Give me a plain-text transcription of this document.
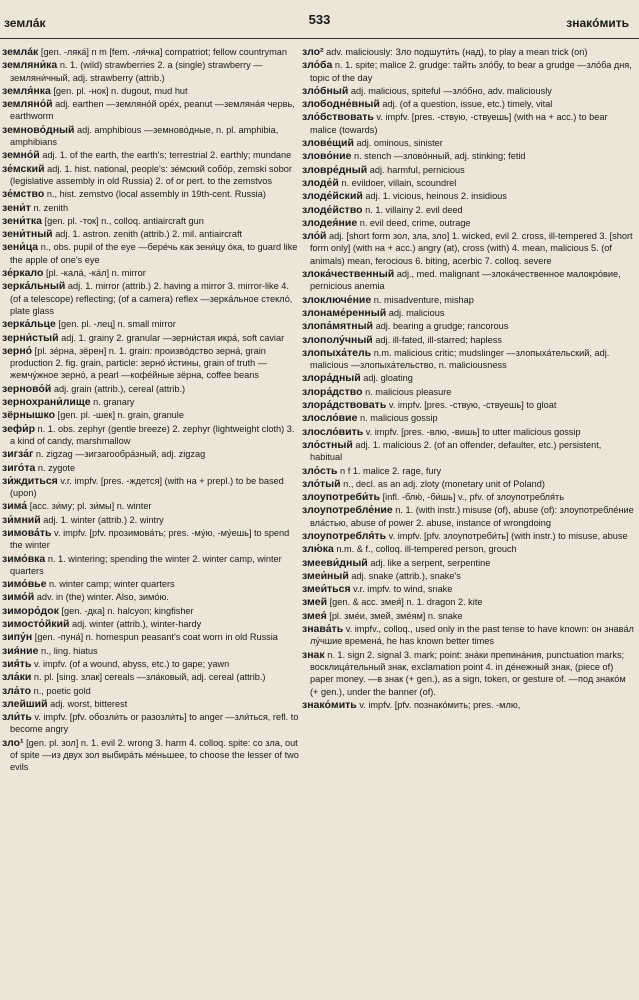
землáк	533	знакóмить

землáк [gen. -лякá] n m [fem. -ля́чка] compatriot; fellow countryman

земляни́ка n. 1. (wild) strawberries 2. a (single) strawberry —земляни́чный, adj. strawberry (attrib.)

земля́нка [gen. pl. -нок] n. dugout, mud hut

земляно́й adj. earthen —земляно́й оре́х, peanut —земляна́я червь, earthworm

земново́дный adj. amphibious —земново́дные, n. pl. amphibia, amphibians

земно́й adj. 1. of the earth, the earth's; terrestrial 2. earthly; mundane

зе́мский adj. 1. hist. national, people's: зе́мский собо́р, zemski sobor (legislative assembly in old Russia) 2. of or pert. to the zemstvos

зе́мство n., hist. zemstvo (local assembly in 19th-cent. Russia)

зени́т n. zenith

зени́тка [gen. pl. -ток] n., colloq. antiaircraft gun

зени́тный adj. 1. astron. zenith (attrib.) 2. mil. antiaircraft

зени́ца n., obs. pupil of the eye —бере́чь как зени́цу о́ка, to guard like the apple of one's eye

зе́ркало [pl. -кала́, -ка́л] n. mirror

зерка́льный adj. 1. mirror (attrib.) 2. having a mirror 3. mirror-like 4. (of a telescope) reflecting; (of a camera) reflex —зерка́льное стекло́, plate glass

зерка́льце [gen. pl. -лец] n. small mirror

зерни́стый adj. 1. grainy 2. granular —зерни́стая икра́, soft caviar

зерно́ [pl. зе́рна, зёрен] n. 1. grain: произво́дство зерна́, grain production 2. fig. grain, particle: зерно́ и́стины, grain of truth —жемчу́жное зерно́, a pearl —кофе́йные зёрна, coffee beans

зерново́й adj. grain (attrib.), cereal (attrib.)

зернохрани́лище n. granary

зёрнышко [gen. pl. -шек] n. grain, granule

зефи́р n. 1. obs. zephyr (gentle breeze) 2. zephyr (lightweight cloth) 3. a kind of candy, marshmallow

зигза́г n. zigzag —зигзагообра́зный, adj. zigzag

зиго́та n. zygote

зи́ждиться v.r. impfv. [pres. -ждется] (with на + prepl.) to be based (upon)

зима́ [acc. зи́му; pl. зи́мы] n. winter

зи́мний adj. 1. winter (attrib.) 2. wintry

зимова́ть v. impfv. [pfv. прозимова́ть; pres. -му́ю, -му́ешь] to spend the winter

зимо́вка n. 1. wintering; spending the winter 2. winter camp, winter quarters

зимо́вье n. winter camp; winter quarters

зимо́й adv. in (the) winter. Also, зимо́ю.

зиморо́док [gen. -дка] n. halcyon; kingfisher

зимосто́йкий adj. winter (attrib.), winter-hardy

зипу́н [gen. -пуна́] n. homespun peasant's coat worn in old Russia

зия́ние n., ling. hiatus

зия́ть v. impfv. (of a wound, abyss, etc.) to gape; yawn

зла́ки n. pl. [sing. злак] cereals —зла́ковый, adj. cereal (attrib.)

зла́то n., poetic gold

злейший adj. worst, bitterest

зли́ть v. impfv. [pfv. обозли́ть or разозли́ть] to anger —зли́ться, refl. to become angry

зло¹ [gen. pl. зол] n. 1. evil 2. wrong 3. harm 4. colloq. spite: со зла, out of spite —из двух зол выбира́ть ме́ньшее, to choose the lesser of two evils

зло² adv. maliciously: Зло подшути́ть (над), to play a mean trick (on)

зло́ба n. 1. spite; malice 2. grudge: тайть зло́бу, to bear a grudge —зло́ба дня, topic of the day

зло́бный adj. malicious, spiteful —зло́бно, adv. maliciously

злободне́вный adj. (of a question, issue, etc.) timely, vital

зло́бствовать v. impfv. [pres. -ствую, -ствуешь] (with на + acc.) to bear malice (towards)

злове́щий adj. ominous, sinister

злово́ние n. stench —злово́нный, adj. stinking; fetid

зловре́дный adj. harmful, pernicious

злоде́й n. evildoer, villain, scoundrel

злоде́йский adj. 1. vicious, heinous 2. insidious

злоде́йство n. 1. villainy 2. evil deed

злодея́ние n. evil deed, crime, outrage

зло́й adj. [short form зол, зла, зло] 1. wicked, evil 2. cross, ill-tempered 3. [short form only] (with на + acc.) angry (at), cross (with) 4. mean, malicious 5. (of animals) mean, ferocious 6. biting, acerbic 7. colloq. severe

злока́чественный adj., med. malignant —злока́чественное малокро́вие, pernicious anemia

злоключе́ние n. misadventure, mishap

злонаме́ренный adj. malicious

злопа́мятный adj. bearing a grudge; rancorous

злополу́чный adj. ill-fated, ill-starred; hapless

злопыха́тель n.m. malicious critic; mudslinger —злопыха́тельский, adj. malicious —злопыха́тельство, n. maliciousness

злора́дный adj. gloating

злора́дство n. malicious pleasure

злора́дствовать v. impfv. [pres. -ствую, -ствуешь] to gloat

злосло́вие n. malicious gossip

злосло́вить v. impfv. [pres. -влю, -вишь] to utter malicious gossip

зло́стный adj. 1. malicious 2. (of an offender, defaulter, etc.) persistent, habitual

зло́сть n f 1. malice 2. rage, fury

зло́тый n., decl. as an adj. zloty (monetary unit of Poland)

злоупотреби́ть [infl. -блю́, -би́шь] v., pfv. of злоупотребля́ть

злоупотребле́ние n. 1. (with instr.) misuse (of), abuse (of): злоупотребле́ние вла́стью, abuse of power 2. abuse, instance of wrongdoing

злоупотребля́ть v. impfv. [pfv. злоупотреби́ть] (with instr.) to misuse, abuse

злю́ка n.m. & f., colloq. ill-tempered person, grouch

змееви́дный adj. like a serpent, serpentine

змеи́ный adj. snake (attrib.), snake's

змеи́ться v.r. impfv. to wind, snake

змей [gen. & acc. змея́] n. 1. dragon 2. kite

змея́ [pl. зме́и, змей, зме́ям] n. snake

знава́ть v. impfv., colloq., used only in the past tense to have known: он знава́л лу́чшие времена́, he has known better times

знак n. 1. sign 2. signal 3. mark; point: зна́ки препина́ния, punctuation marks; восклица́тельный знак, exclamation point 4. in де́нежный знак, (piece of) paper money. —в знак (+ gen.), as a sign, token, or gesture of. —под знако́м (+ gen.), under the banner (of).

знако́мить v. impfv. [pfv. познако́мить; pres. -млю,
